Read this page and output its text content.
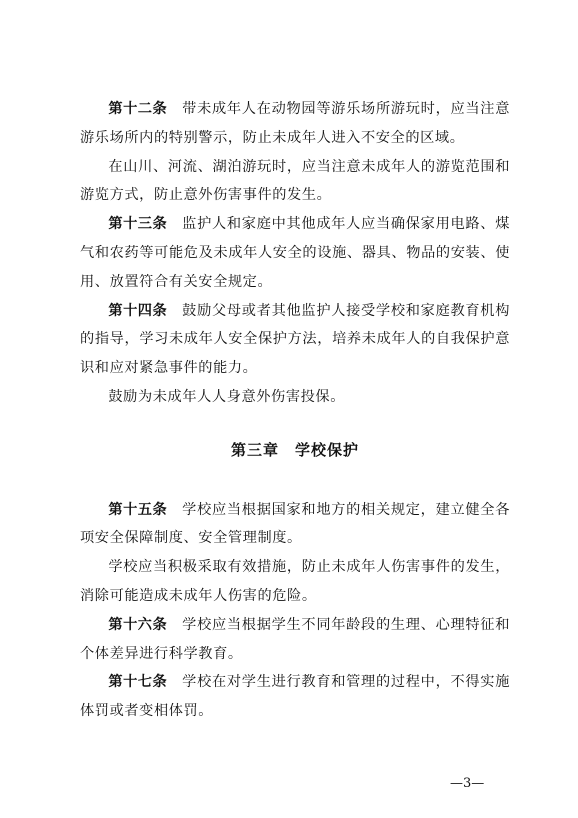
第十二条　 带未成年人在动物园等游乐场所游玩时，应当注意游乐场所内的特别警示，防止未成年人进入不安全的区域。

在山川、河流、湖泊游玩时，应当注意未成年人的游览范围和游览方式，防止意外伤害事件的发生。

第十三条　 监护人和家庭中其他成年人应当确保家用电路、煤气和农药等可能危及未成年人安全的设施、器具、物品的安装、使用、放置符合有关安全规定。

第十四条　 鼓励父母或者其他监护人接受学校和家庭教育机构的指导，学习未成年人安全保护方法，培养未成年人的自我保护意识和应对紧急事件的能力。

鼓励为未成年人人身意外伤害投保。

第三章　学校保护

第十五条　 学校应当根据国家和地方的相关规定，建立健全各项安全保障制度、安全管理制度。

学校应当积极采取有效措施，防止未成年人伤害事件的发生，消除可能造成未成年人伤害的危险。

第十六条　 学校应当根据学生不同年龄段的生理、心理特征和个体差异进行科学教育。

第十七条　 学校在对学生进行教育和管理的过程中，不得实施体罚或者变相体罚。

—3—
